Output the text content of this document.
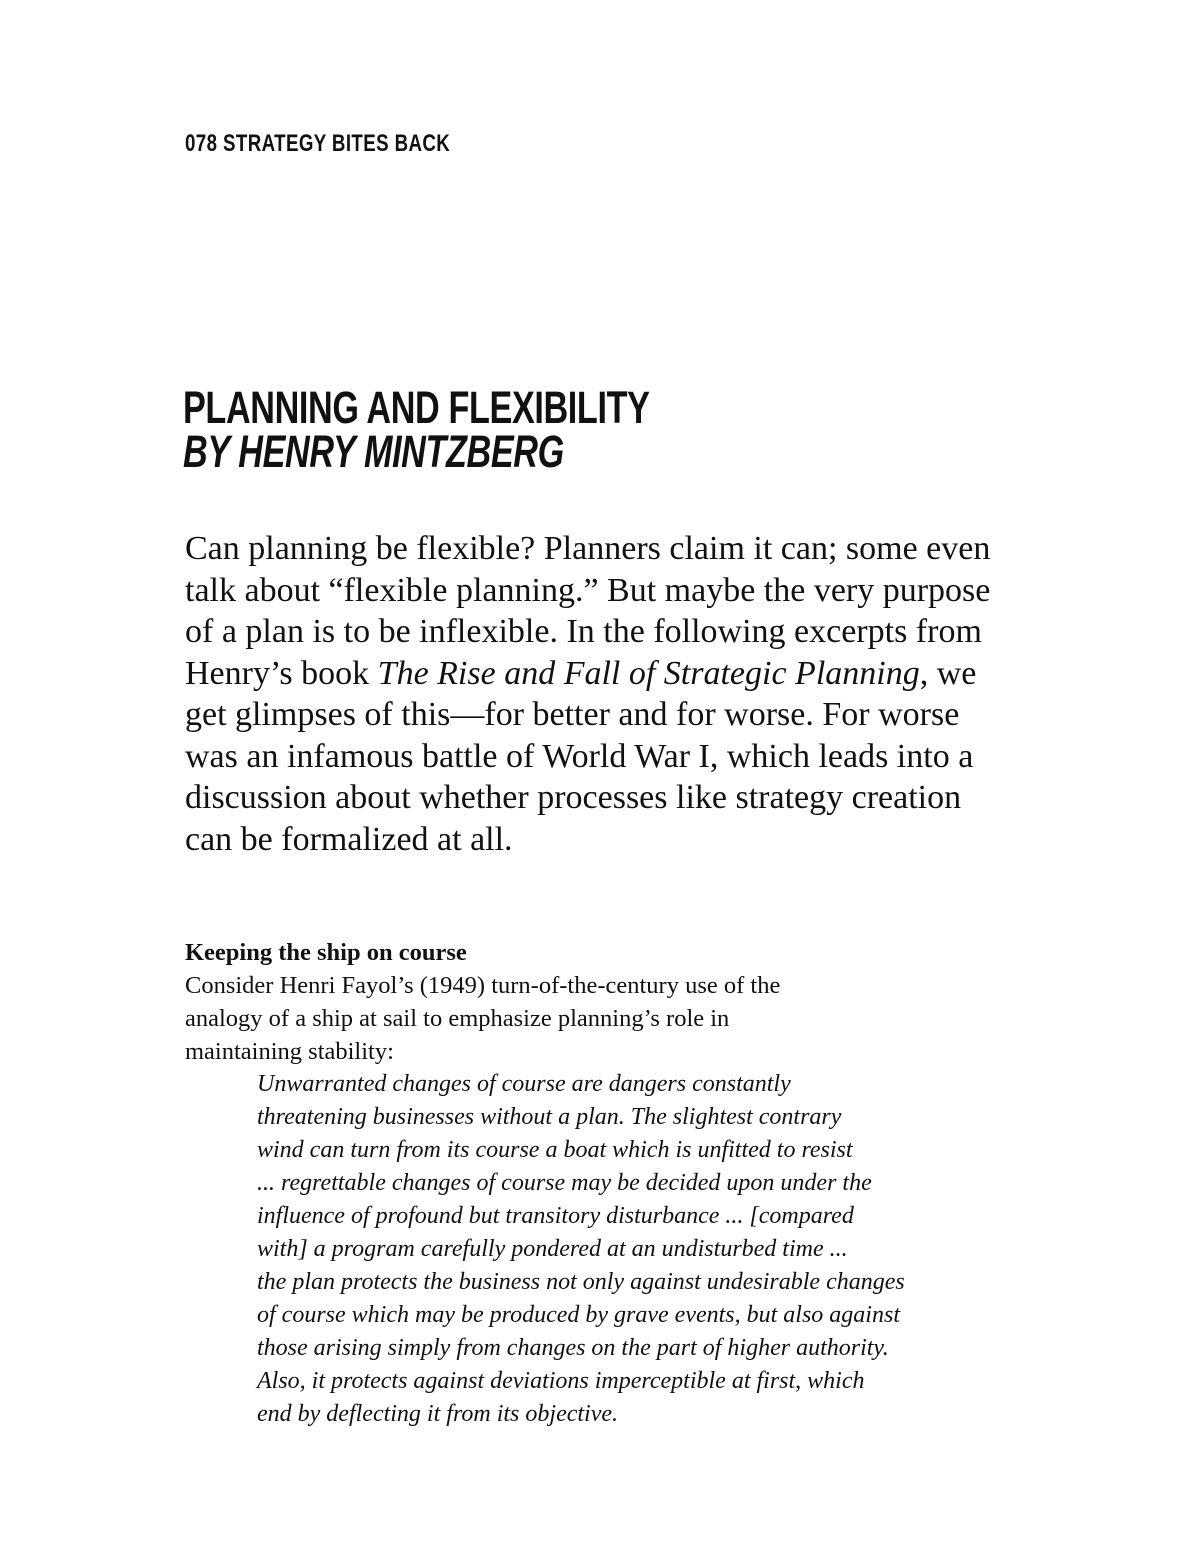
078 STRATEGY BITES BACK
PLANNING AND FLEXIBILITY
BY HENRY MINTZBERG

Can planning be flexible? Planners claim it can; some even talk about “flexible planning.” But maybe the very purpose of a plan is to be inflexible. In the following excerpts from Henry’s book The Rise and Fall of Strategic Planning, we get glimpses of this—for better and for worse. For worse was an infamous battle of World War I, which leads into a discussion about whether processes like strategy creation can be formalized at all.

Keeping the ship on course

Consider Henri Fayol’s (1949) turn-of-the-century use of the
analogy of a ship at sail to emphasize planning’s role in
maintaining stability:

Unwarranted changes of course are dangers constantly
threatening businesses without a plan. The slightest contrary
wind can turn from its course a boat which is unfitted to resist
... regrettable changes of course may be decided upon under the
influence of profound but transitory disturbance ... [compared
with] a program carefully pondered at an undisturbed time ...
the plan protects the business not only against undesirable changes
of course which may be produced by grave events, but also against
those arising simply from changes on the part of higher authority.
Also, it protects against deviations imperceptible at first, which
end by deflecting it from its objective.
